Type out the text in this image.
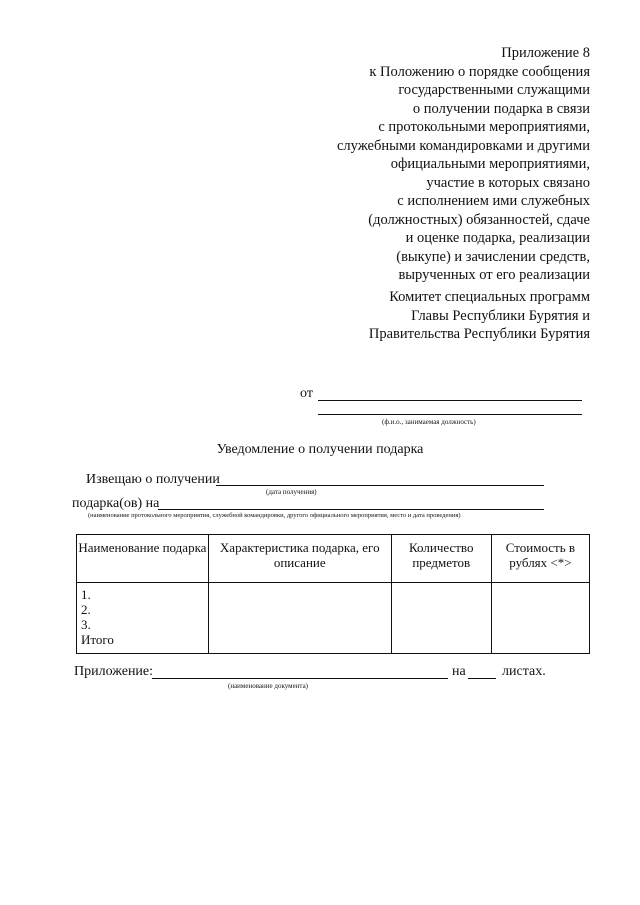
Приложение 8
к Положению о порядке сообщения
государственными служащими
о получении подарка в связи
с протокольными мероприятиями,
служебными командировками и другими
официальными мероприятиями,
участие в которых связано
с исполнением ими служебных
(должностных) обязанностей, сдаче
и оценке подарка, реализации
(выкупе) и зачислении средств,
вырученных от его реализации
Комитет специальных программ
Главы Республики Бурятия и
Правительства Республики Бурятия
от
(ф.и.о., занимаемая должность)
Уведомление о получении подарка
Извещаю о получении
(дата получения)
подарка(ов) на
(наименование протокольного мероприятия, служебной командировки, другого официального мероприятия, место и дата проведения)
Наименование подарка	Характеристика подарка, его описание	Количество предметов	Стоимость в рублях <*>

1.
2.
3.
Итого			

Приложение:	на	листах.
(наименование документа)
